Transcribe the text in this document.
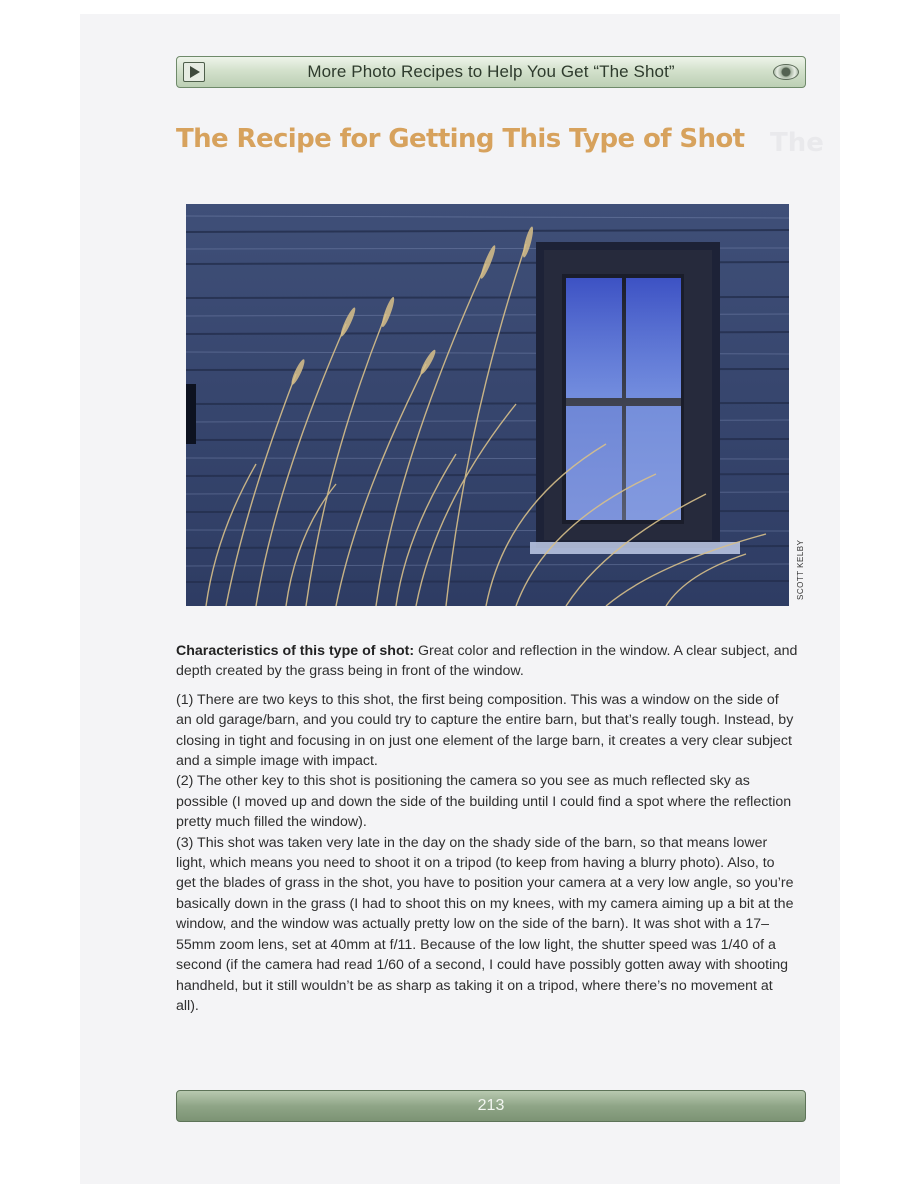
More Photo Recipes to Help You Get “The Shot”
The
The Recipe for Getting This Type of Shot
SCOTT KELBY

Characteristics of this type of shot: Great color and reflection in the window. A clear subject, and depth created by the grass being in front of the window.

(1) There are two keys to this shot, the first being composition. This was a window on the side of an old garage/barn, and you could try to capture the entire barn, but that’s really tough. Instead, by closing in tight and focusing in on just one element of the large barn, it creates a very clear subject and a simple image with impact.

(2) The other key to this shot is positioning the camera so you see as much reflected sky as possible (I moved up and down the side of the building until I could find a spot where the reflection pretty much filled the window).

(3) This shot was taken very late in the day on the shady side of the barn, so that means lower light, which means you need to shoot it on a tripod (to keep from having a blurry photo). Also, to get the blades of grass in the shot, you have to position your camera at a very low angle, so you’re basically down in the grass (I had to shoot this on my knees, with my camera aiming up a bit at the window, and the window was actually pretty low on the side of the barn). It was shot with a 17–55mm zoom lens, set at 40mm at f/11. Because of the low light, the shutter speed was 1/40 of a second (if the camera had read 1/60 of a second, I could have possibly gotten away with shooting handheld, but it still wouldn’t be as sharp as taking it on a tripod, where there’s no movement at all).

213
